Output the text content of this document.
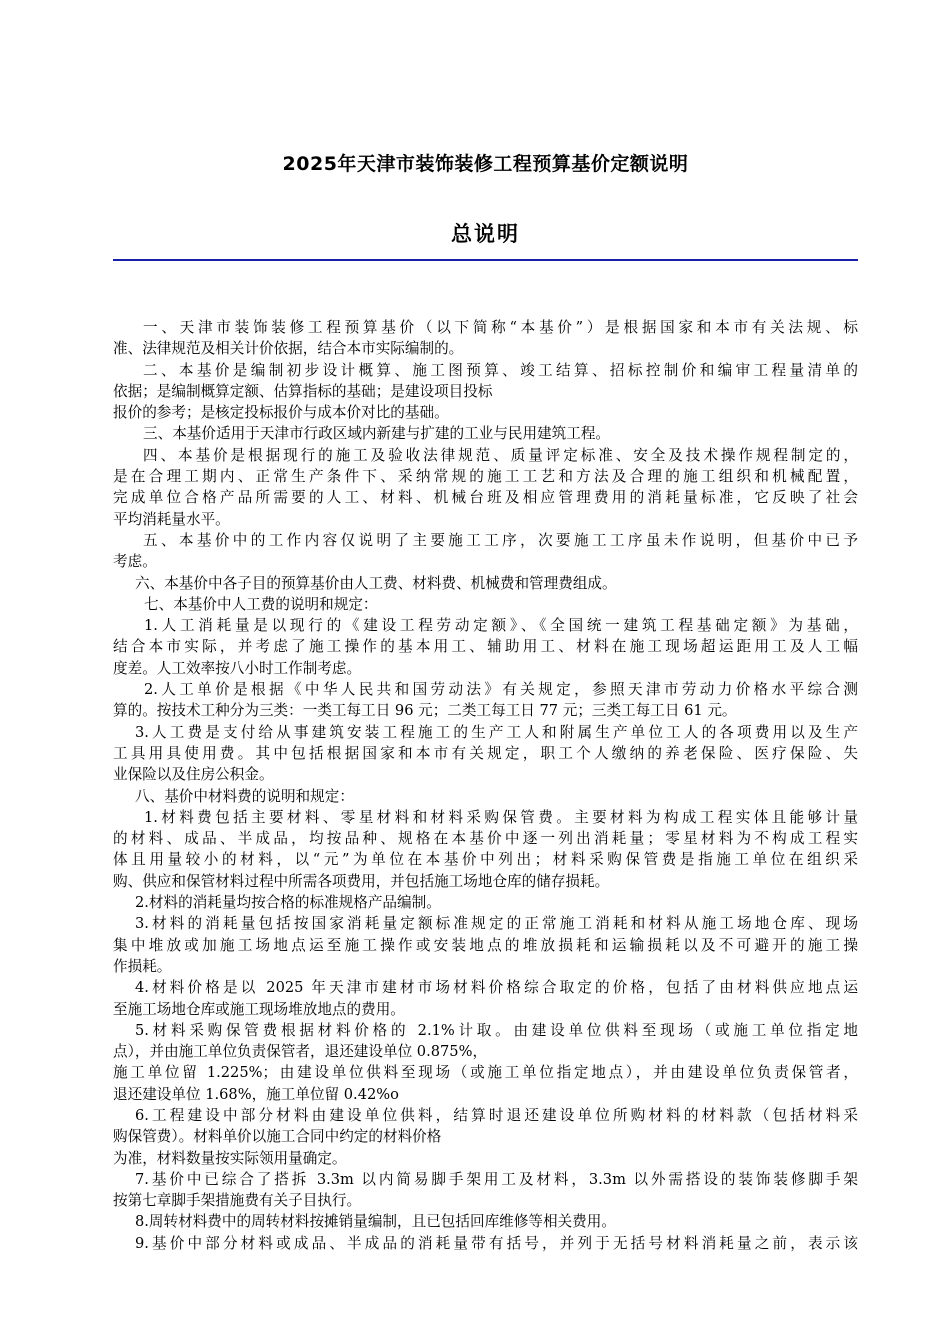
2025年天津市装饰装修工程预算基价定额说明
总说明
一、天津市装饰装修工程预算基价（以下简称“本基价”）是根据国家和本市有关法规、标
准、法律规范及相关计价依据，结合本市实际编制的。
二、本基价是编制初步设计概算、施工图预算、竣工结算、招标控制价和编审工程量清单的
依据；是编制概算定额、估算指标的基础；是建设项目投标
报价的参考；是核定投标报价与成本价对比的基础。
三、本基价适用于天津市行政区域内新建与扩建的工业与民用建筑工程。
四、本基价是根据现行的施工及验收法律规范、质量评定标准、安全及技术操作规程制定的，
是在合理工期内、正常生产条件下、采纳常规的施工工艺和方法及合理的施工组织和机械配置，
完成单位合格产品所需要的人工、材料、机械台班及相应管理费用的消耗量标准，它反映了社会
平均消耗量水平。
五、本基价中的工作内容仅说明了主要施工工序，次要施工工序虽未作说明，但基价中已予
考虑。
六、本基价中各子目的预算基价由人工费、材料费、机械费和管理费组成。
七、本基价中人工费的说明和规定：
1.人工消耗量是以现行的《建设工程劳动定额》、《全国统一建筑工程基础定额》为基础，
结合本市实际，并考虑了施工操作的基本用工、辅助用工、材料在施工现场超运距用工及人工幅
度差。人工效率按八小时工作制考虑。
2.人工单价是根据《中华人民共和国劳动法》有关规定，参照天津市劳动力价格水平综合测
算的。按技术工种分为三类：一类工每工日 96 元；二类工每工日 77 元；三类工每工日 61 元。
3.人工费是支付给从事建筑安装工程施工的生产工人和附属生产单位工人的各项费用以及生产
工具用具使用费。其中包括根据国家和本市有关规定，职工个人缴纳的养老保险、医疗保险、失
业保险以及住房公积金。
八、基价中材料费的说明和规定：
1.材料费包括主要材料、零星材料和材料采购保管费。主要材料为构成工程实体且能够计量
的材料、成品、半成品，均按品种、规格在本基价中逐一列出消耗量；零星材料为不构成工程实
体且用量较小的材料，以“元”为单位在本基价中列出；材料采购保管费是指施工单位在组织采
购、供应和保管材料过程中所需各项费用，并包括施工场地仓库的储存损耗。
2.材料的消耗量均按合格的标准规格产品编制。
3.材料的消耗量包括按国家消耗量定额标准规定的正常施工消耗和材料从施工场地仓库、现场
集中堆放或加施工场地点运至施工操作或安装地点的堆放损耗和运输损耗以及不可避开的施工操
作损耗。
4.材料价格是以 2025 年天津市建材市场材料价格综合取定的价格，包括了由材料供应地点运
至施工场地仓库或施工现场堆放地点的费用。
5.材料采购保管费根据材料价格的 2.1%计取。由建设单位供料至现场（或施工单位指定地
点），并由施工单位负责保管者，退还建设单位 0.875%，
施工单位留 1.225%；由建设单位供料至现场（或施工单位指定地点），并由建设单位负责保管者，
退还建设单位 1.68%，施工单位留 0.42%o
6.工程建设中部分材料由建设单位供料，结算时退还建设单位所购材料的材料款（包括材料采
购保管费）。材料单价以施工合同中约定的材料价格
为准，材料数量按实际领用量确定。
7.基价中已综合了搭拆 3.3m 以内简易脚手架用工及材料，3.3m 以外需搭设的装饰装修脚手架
按第七章脚手架措施费有关子目执行。
8.周转材料费中的周转材料按摊销量编制，且已包括回库维修等相关费用。
9.基价中部分材料或成品、半成品的消耗量带有括号，并列于无括号材料消耗量之前，表示该
